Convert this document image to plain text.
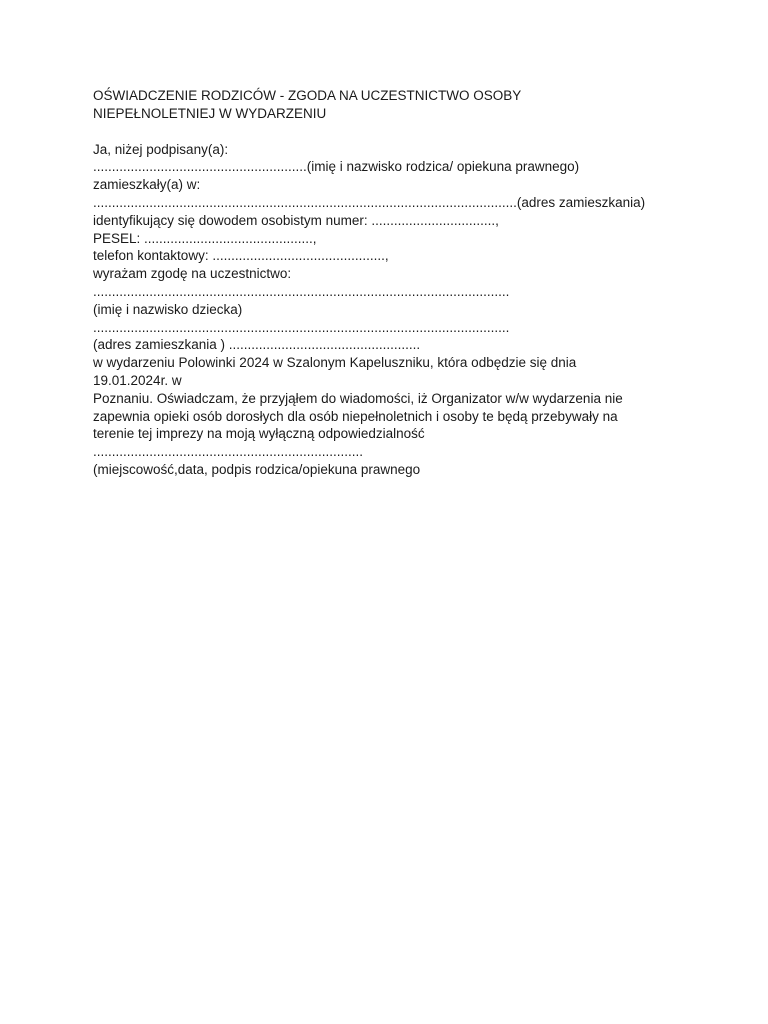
OŚWIADCZENIE RODZICÓW - ZGODA NA UCZESTNICTWO OSOBY
NIEPEŁNOLETNIEJ W WYDARZENIU
Ja, niżej podpisany(a):
.........................................................(imię i nazwisko rodzica/ opiekuna prawnego)
zamieszkały(a) w:
.................................................................................................................(adres zamieszkania)
identyfikujący się dowodem osobistym numer: .................................,
PESEL: .............................................,
telefon kontaktowy: ..............................................,
wyrażam zgodę na uczestnictwo:
...............................................................................................................
(imię i nazwisko dziecka)
...............................................................................................................
(adres zamieszkania ) ...................................................
w wydarzeniu Polowinki 2024 w Szalonym Kapeluszniku, która odbędzie się dnia
19.01.2024r. w
Poznaniu. Oświadczam, że przyjąłem do wiadomości, iż Organizator w/w wydarzenia nie
zapewnia opieki osób dorosłych dla osób niepełnoletnich i osoby te będą przebywały na
terenie tej imprezy na moją wyłączną odpowiedzialność
........................................................................
(miejscowość,data, podpis rodzica/opiekuna prawnego
